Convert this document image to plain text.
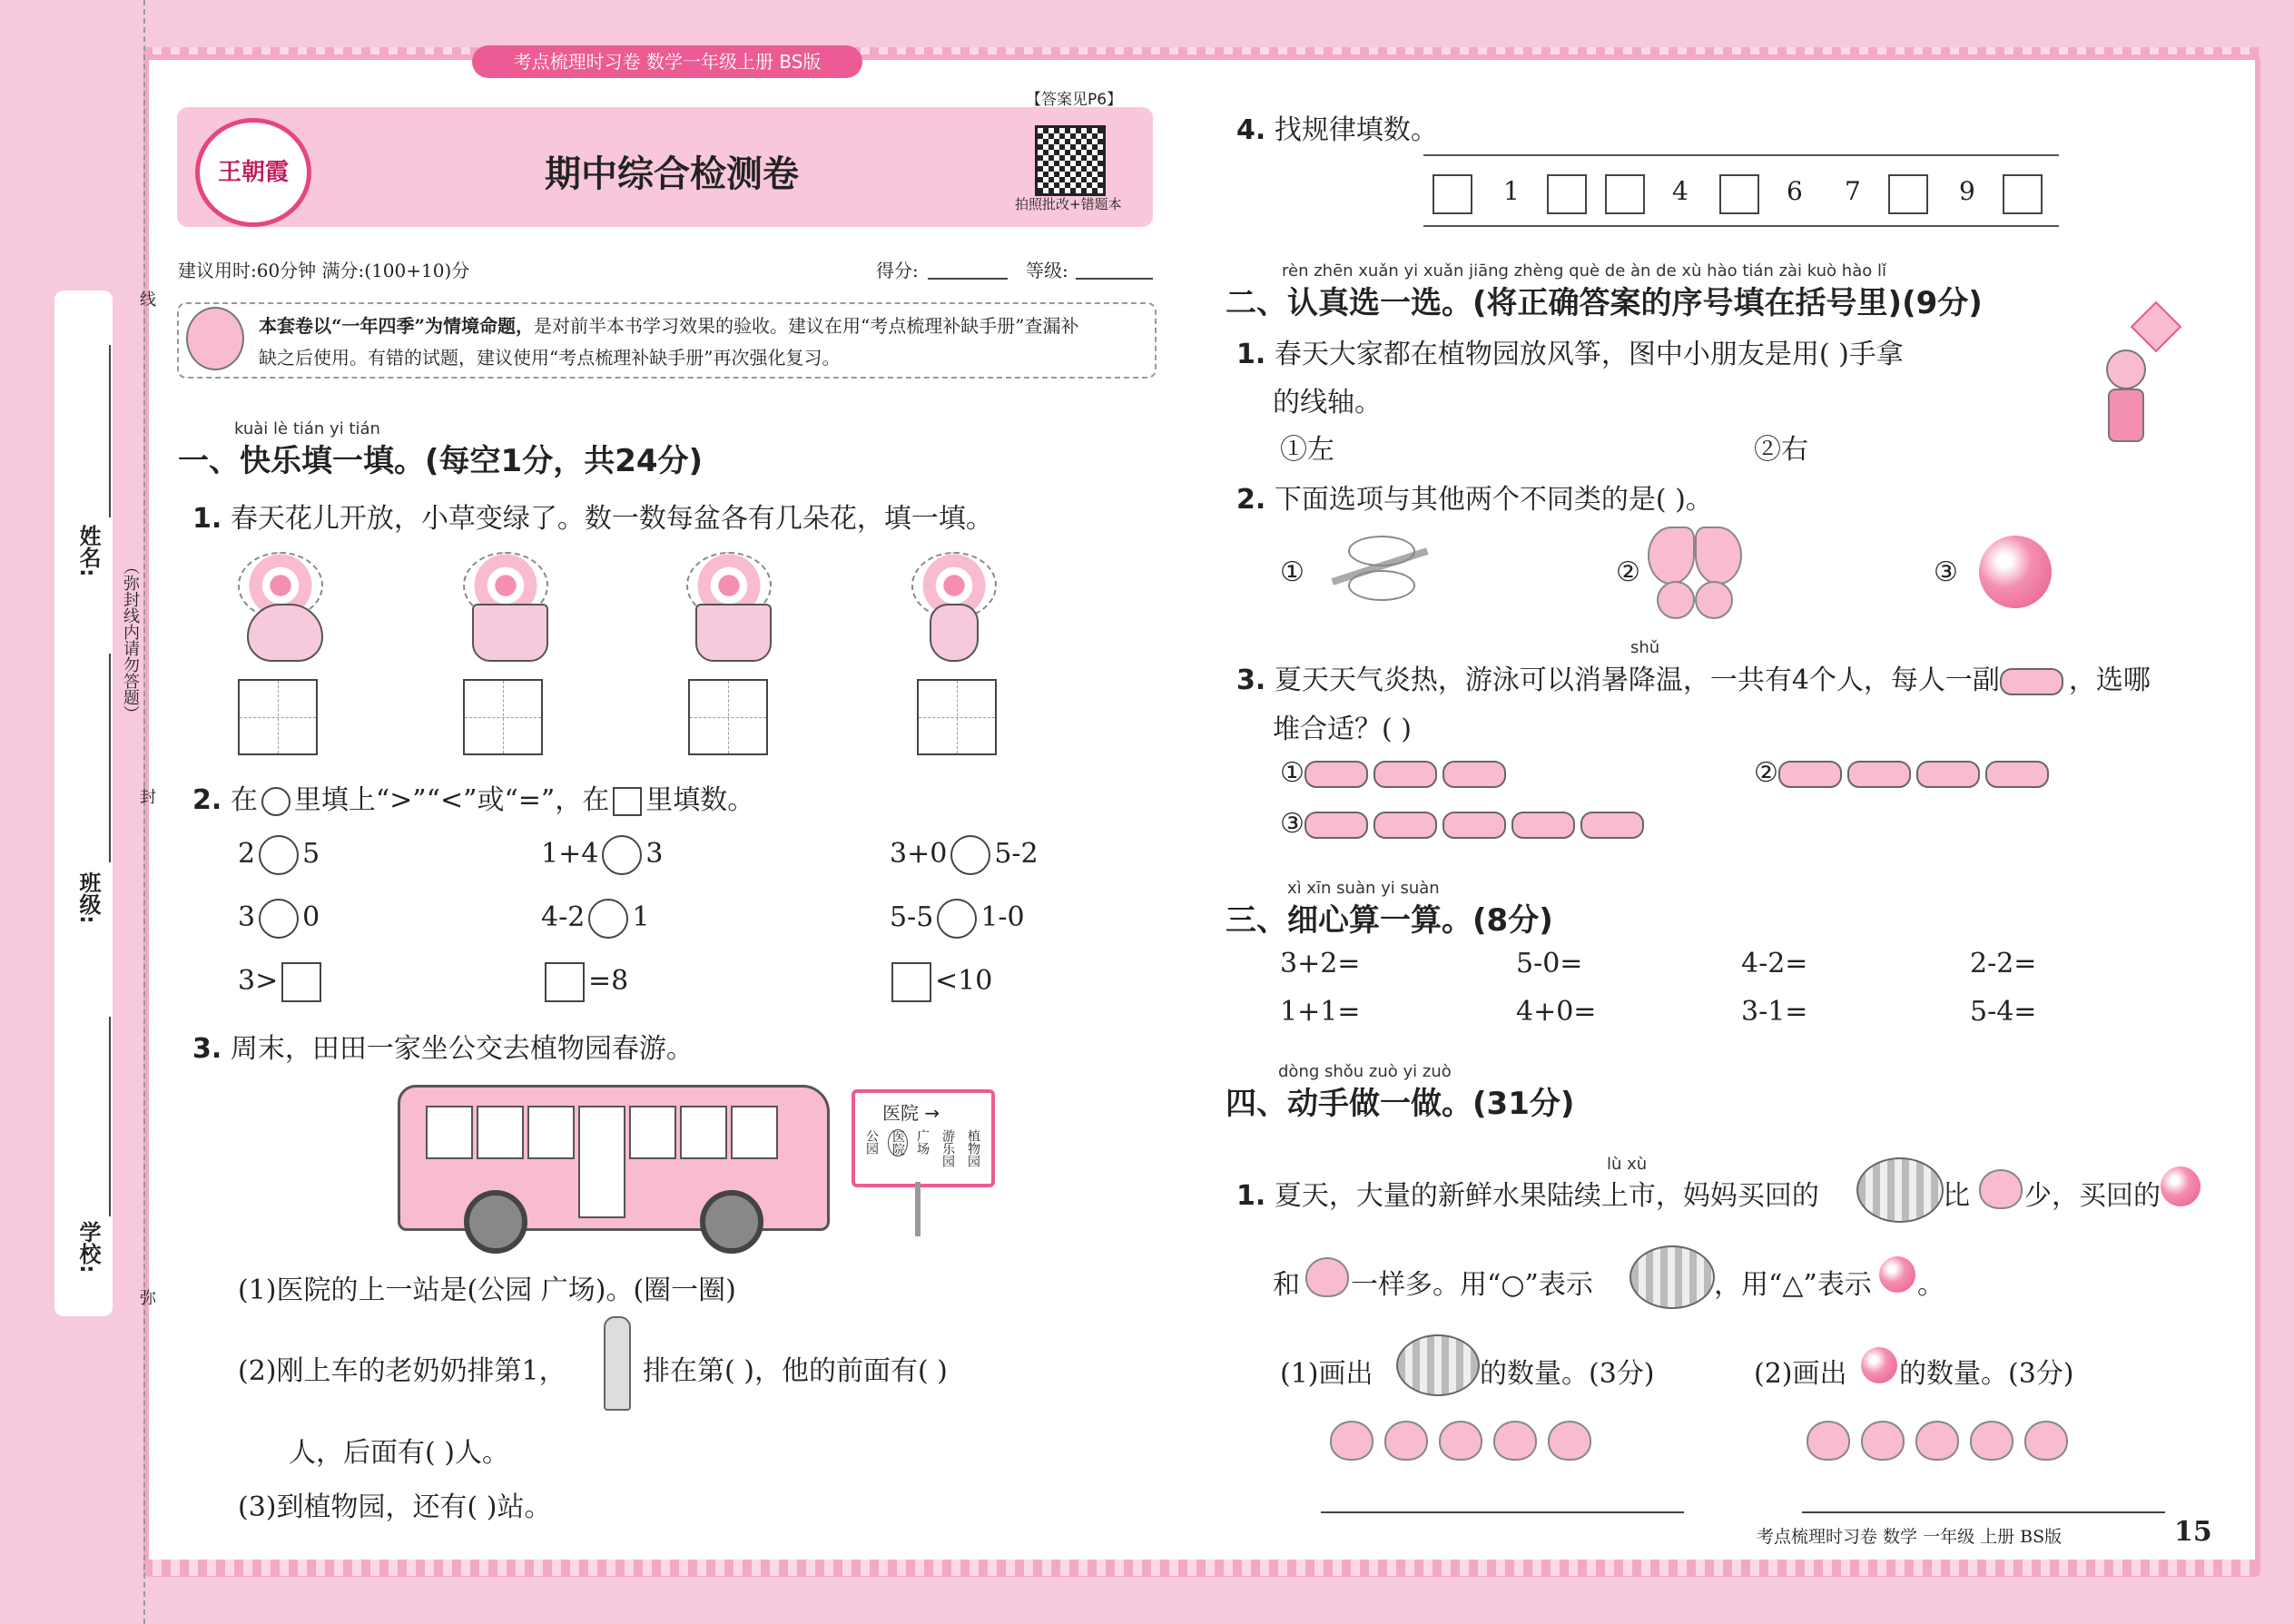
姓名:
班级:
学校:
（弥封线内请勿答题）
线
封
弥
考点梳理时习卷 数学一年级上册 BS版
【答案见P6】
王朝霞	期中综合检测卷
拍照批改+错题本
建议用时:60分钟 满分:(100+10)分	得分:	等级:
本套卷以“一年四季”为情境命题，是对前半本书学习效果的验收。建议在用“考点梳理补缺手册”查漏补
缺之后使用。有错的试题，建议使用“考点梳理补缺手册”再次强化复习。
kuài lè tián yi tián
一、快乐填一填。(每空1分，共24分)
1. 春天花儿开放，小草变绿了。数一数每盆各有几朵花，填一填。
2. 在 里填上“>”“<”或“=”，在 里填数。
2 5	1+4 3	3+0 5-2
3 0	4-2 1	5-5 1-0
3>	=8	<10
3. 周末，田田一家坐公交去植物园春游。
医院 →
公园 医院 广场 游乐园 植物园
(1)医院的上一站是(公园 广场)。(圈一圈)
(2)刚上车的老奶奶排第1，	排在第( )，他的前面有( )
人，后面有( )人。
(3)到植物园，还有( )站。
4. 找规律填数。
1	4	6 7	9
rèn zhēn xuǎn yi xuǎn jiāng zhèng què de àn de xù hào tián zài kuò hào lǐ
二、认真选一选。(将正确答案的序号填在括号里)(9分)
1. 春天大家都在植物园放风筝，图中小朋友是用( )手拿
的线轴。
①左	②右
2. 下面选项与其他两个不同类的是( )。
①	②	③
shǔ
3. 夏天天气炎热，游泳可以消暑降温，一共有4个人，每人一副	，选哪
堆合适？( )
①	②
③
xì xīn suàn yi suàn
三、细心算一算。(8分)
3+2=	5-0=	4-2=	2-2=
1+1=	4+0=	3-1=	5-4=
dòng shǒu zuò yi zuò
四、动手做一做。(31分)
lù xù
1. 夏天，大量的新鲜水果陆续上市，妈妈买回的	比 少，买回的
和 一样多。用“○”表示	，用“△”表示 。
(1)画出	的数量。(3分)	(2)画出 的数量。(3分)
考点梳理时习卷 数学 一年级 上册 BS版	15
